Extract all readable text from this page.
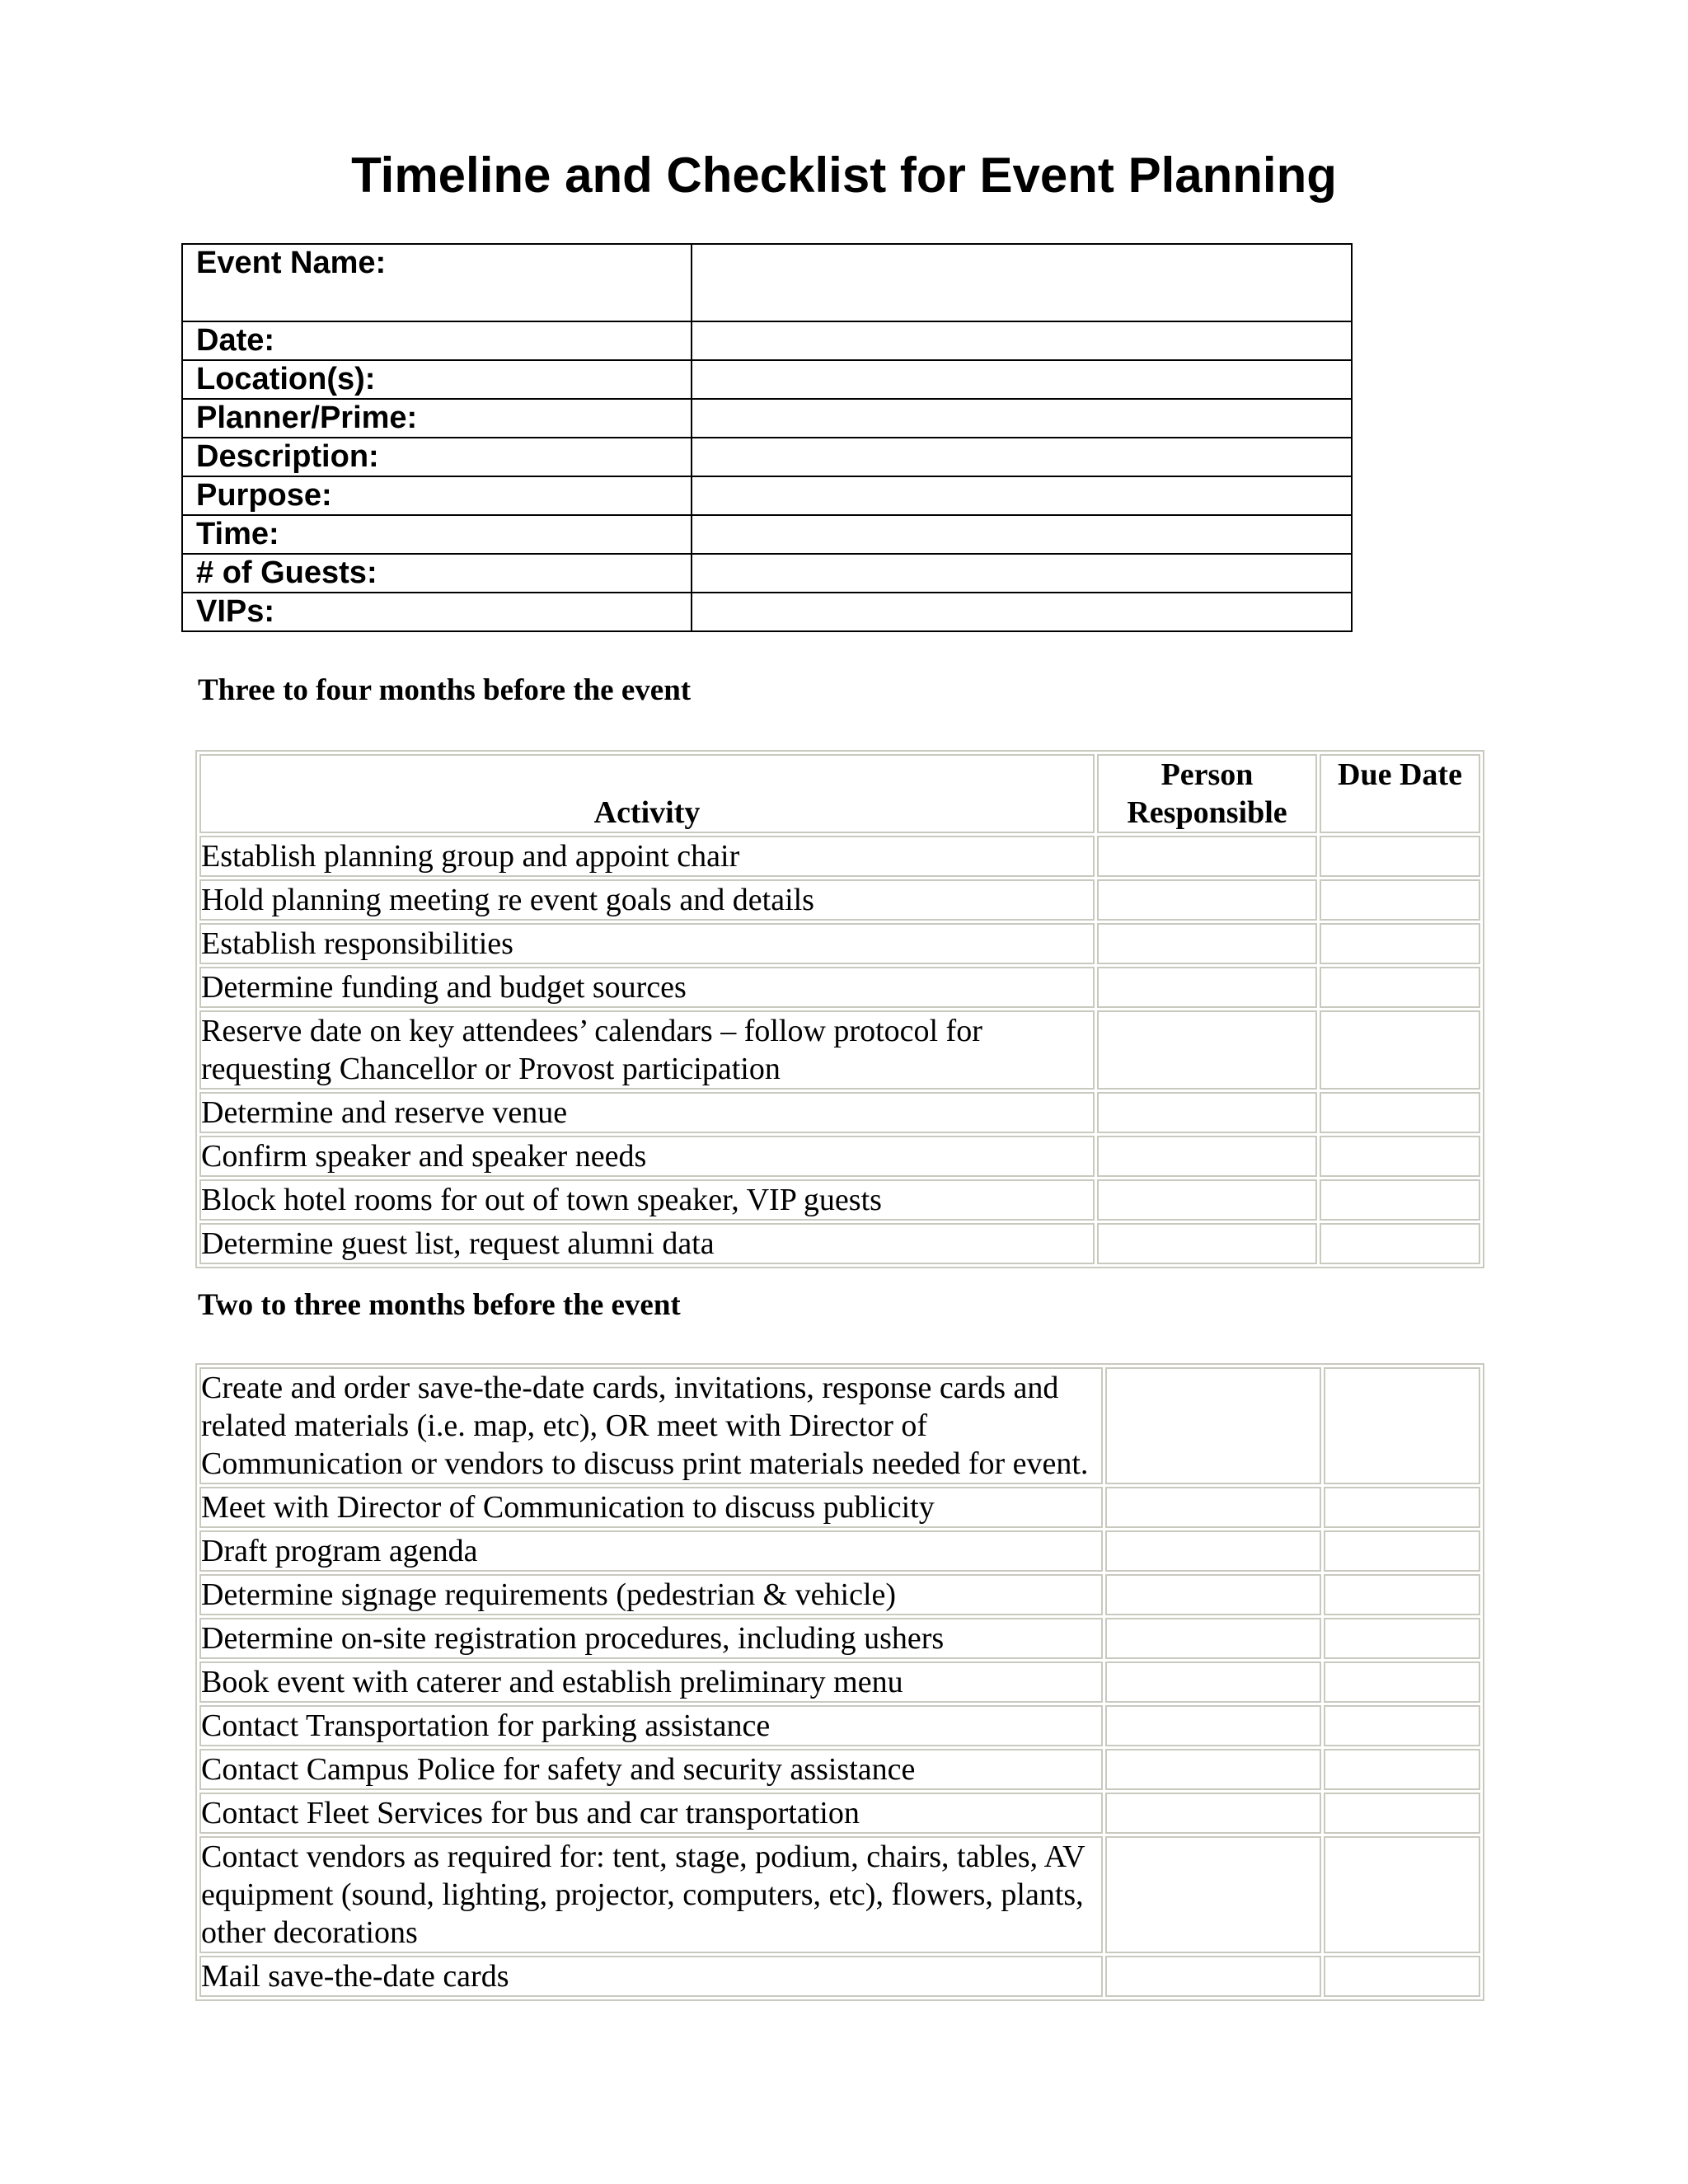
Timeline and Checklist for Event Planning
Event Name:	
Date:	
Location(s):	
Planner/Prime:	
Description:	
Purpose:	
Time:	
# of Guests:	
VIPs:	
Three to four months before the event
Activity	Person Responsible	Due Date
Establish planning group and appoint chair		
Hold planning meeting re event goals and details		
Establish responsibilities		
Determine funding and budget sources		
Reserve date on key attendees’ calendars – follow protocol for requesting Chancellor or Provost participation		
Determine and reserve venue		
Confirm speaker and speaker needs		
Block hotel rooms for out of town speaker, VIP guests		
Determine guest list, request alumni data		
Two to three months before the event
Create and order save-the-date cards, invitations, response cards and related materials (i.e. map, etc), OR meet with Director of Communication or vendors to discuss print materials needed for event.		
Meet with Director of Communication to discuss publicity		
Draft program agenda		
Determine signage requirements (pedestrian & vehicle)		
Determine on-site registration procedures, including ushers		
Book event with caterer and establish preliminary menu		
Contact Transportation for parking assistance		
Contact Campus Police for safety and security assistance		
Contact Fleet Services for bus and car transportation		
Contact vendors as required for: tent, stage, podium, chairs, tables, AV equipment (sound, lighting, projector, computers, etc), flowers, plants, other decorations		
Mail save-the-date cards		
